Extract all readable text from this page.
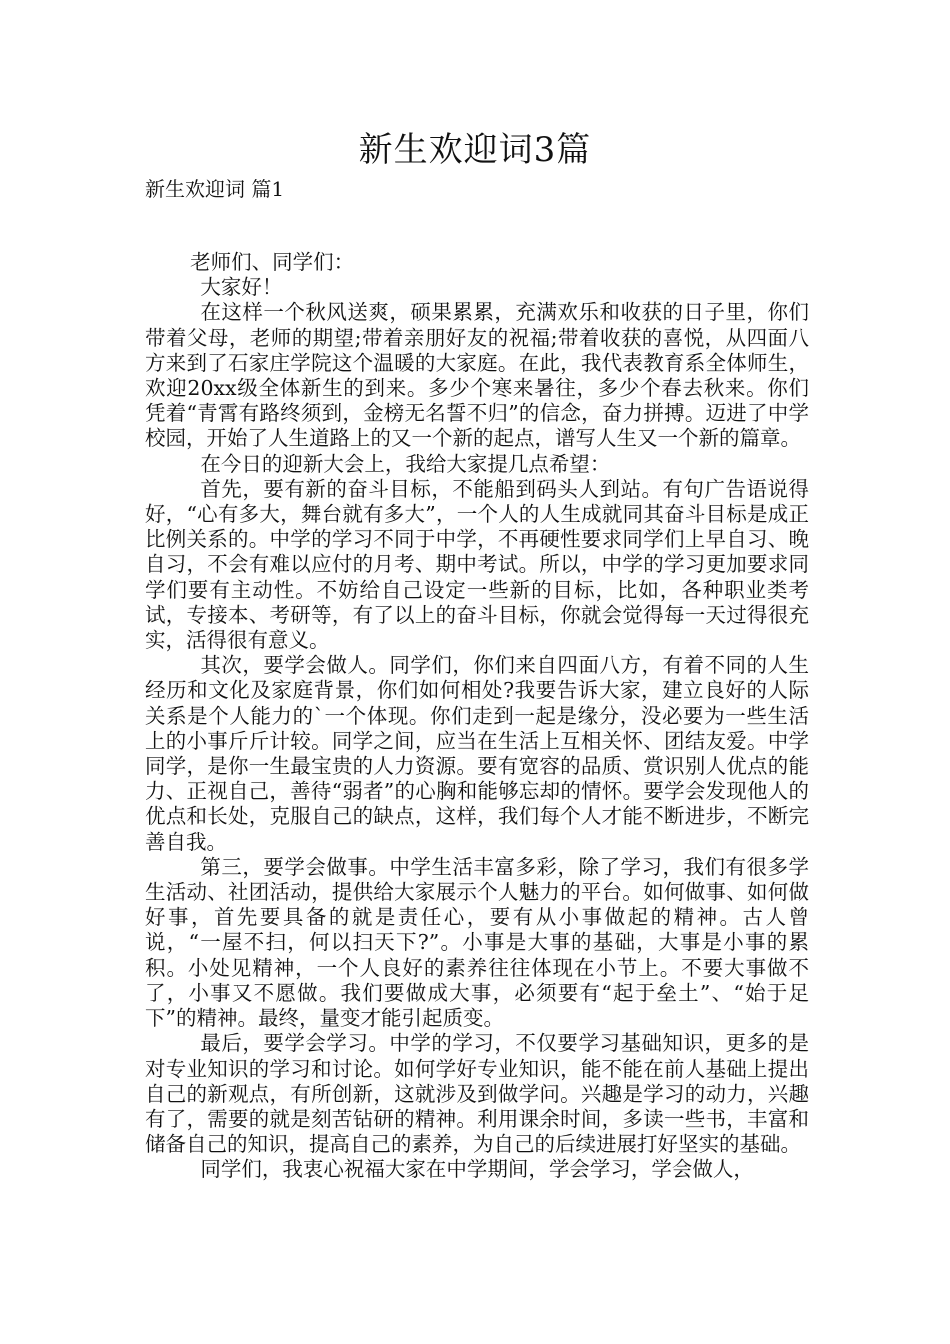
新生欢迎词3篇
新生欢迎词 篇1

老师们、同学们：

大家好！

在这样一个秋风送爽，硕果累累，充满欢乐和收获的日子里，你们带着父母，老师的期望;带着亲朋好友的祝福;带着收获的喜悦，从四面八方来到了石家庄学院这个温暖的大家庭。在此，我代表教育系全体师生，欢迎20xx级全体新生的到来。多少个寒来暑往，多少个春去秋来。你们凭着“青霄有路终须到，金榜无名誓不归”的信念，奋力拼搏。迈进了中学校园，开始了人生道路上的又一个新的起点，谱写人生又一个新的篇章。

在今日的迎新大会上，我给大家提几点希望：

首先，要有新的奋斗目标，不能船到码头人到站。有句广告语说得好，“心有多大，舞台就有多大”，一个人的人生成就同其奋斗目标是成正比例关系的。中学的学习不同于中学，不再硬性要求同学们上早自习、晚自习，不会有难以应付的月考、期中考试。所以，中学的学习更加要求同学们要有主动性。不妨给自己设定一些新的目标，比如，各种职业类考试，专接本、考研等，有了以上的奋斗目标，你就会觉得每一天过得很充实，活得很有意义。

其次，要学会做人。同学们，你们来自四面八方，有着不同的人生经历和文化及家庭背景，你们如何相处?我要告诉大家，建立良好的人际关系是个人能力的`一个体现。你们走到一起是缘分，没必要为一些生活上的小事斤斤计较。同学之间，应当在生活上互相关怀、团结友爱。中学同学，是你一生最宝贵的人力资源。要有宽容的品质、赏识别人优点的能力、正视自己，善待“弱者”的心胸和能够忘却的情怀。要学会发现他人的优点和长处，克服自己的缺点，这样，我们每个人才能不断进步，不断完善自我。

第三，要学会做事。中学生活丰富多彩，除了学习，我们有很多学生活动、社团活动，提供给大家展示个人魅力的平台。如何做事、如何做好事，首先要具备的就是责任心，要有从小事做起的精神。古人曾说，“一屋不扫，何以扫天下?”。小事是大事的基础，大事是小事的累积。小处见精神，一个人良好的素养往往体现在小节上。不要大事做不了，小事又不愿做。我们要做成大事，必须要有“起于垒土”、“始于足下”的精神。最终，量变才能引起质变。

最后，要学会学习。中学的学习，不仅要学习基础知识，更多的是对专业知识的学习和讨论。如何学好专业知识，能不能在前人基础上提出自己的新观点，有所创新，这就涉及到做学问。兴趣是学习的动力，兴趣有了，需要的就是刻苦钻研的精神。利用课余时间，多读一些书，丰富和储备自己的知识，提高自己的素养，为自己的后续进展打好坚实的基础。

同学们，我衷心祝福大家在中学期间，学会学习，学会做人，
